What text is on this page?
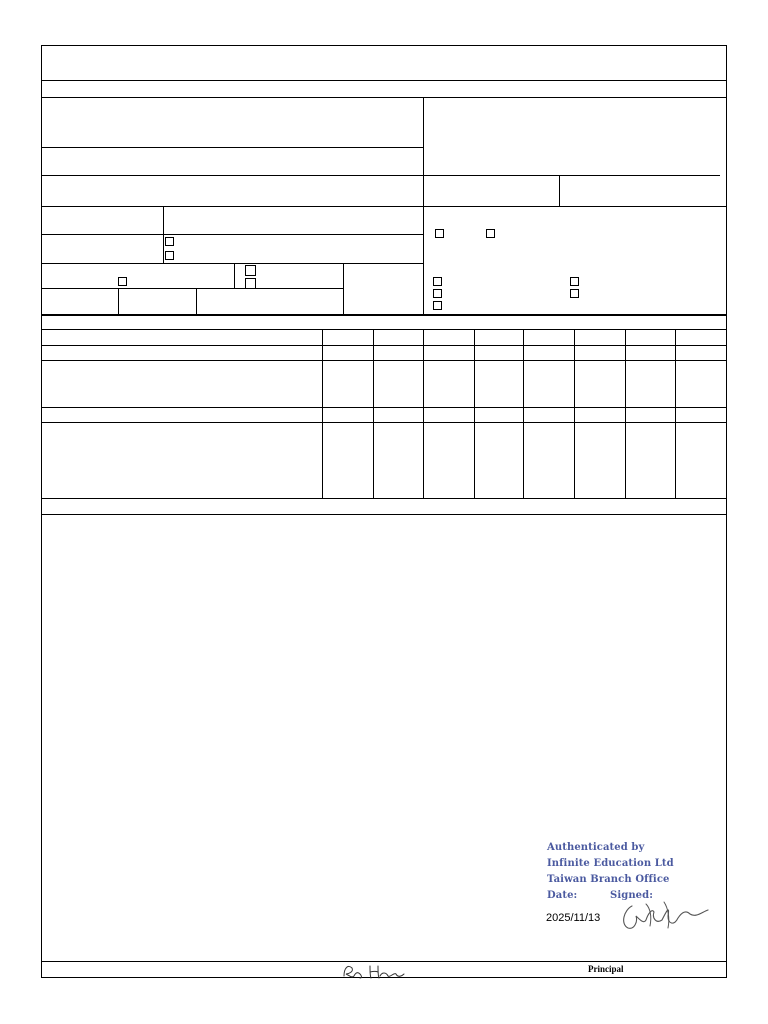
Authenticated by
Infinite Education Ltd
Taiwan Branch Office
Date:	Signed:
2025/11/13
Principal
